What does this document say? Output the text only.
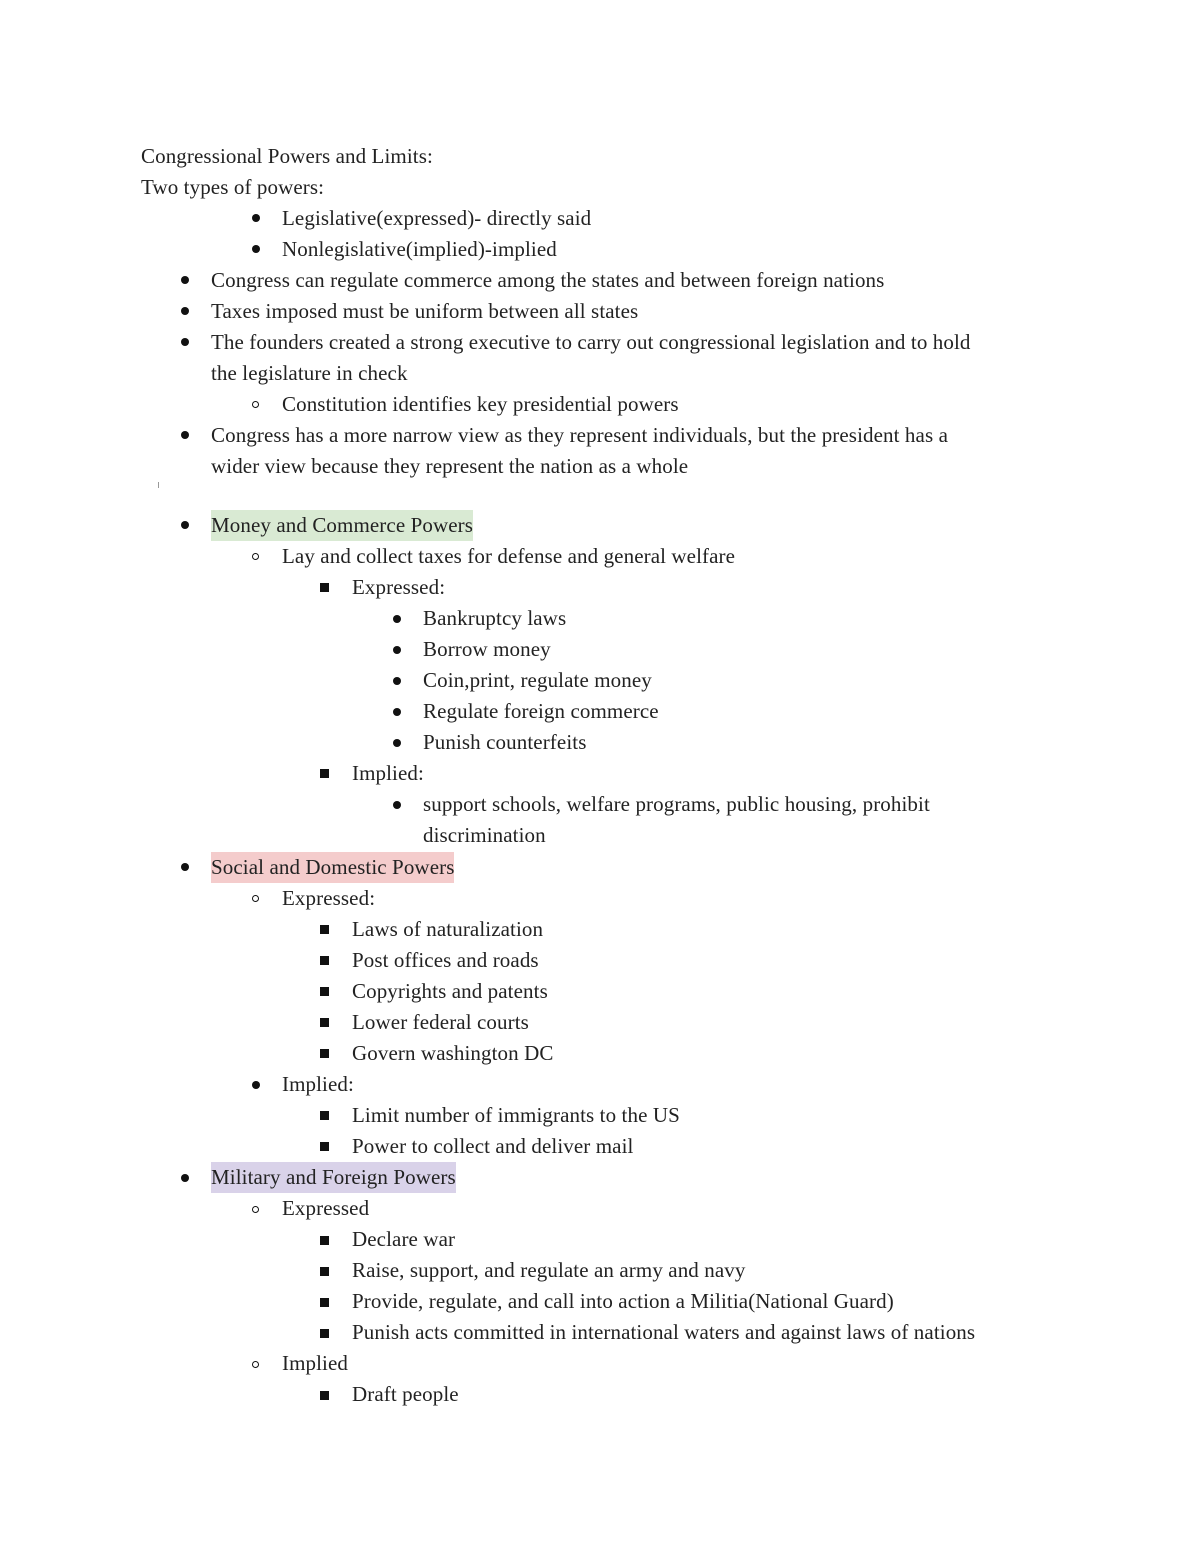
Congressional Powers and Limits:
Two types of powers:
Legislative(expressed)- directly said
Nonlegislative(implied)-implied
Congress can regulate commerce among the states and between foreign nations
Taxes imposed must be uniform between all states
The founders created a strong executive to carry out congressional legislation and to hold
the legislature in check
Constitution identifies key presidential powers
Congress has a more narrow view as they represent individuals, but the president has a
wider view because they represent the nation as a whole
Money and Commerce Powers
Lay and collect taxes for defense and general welfare
Expressed:
Bankruptcy laws
Borrow money
Coin,print, regulate money
Regulate foreign commerce
Punish counterfeits
Implied:
support schools, welfare programs, public housing, prohibit
discrimination
Social and Domestic Powers
Expressed:
Laws of naturalization
Post offices and roads
Copyrights and patents
Lower federal courts
Govern washington DC
Implied:
Limit number of immigrants to the US
Power to collect and deliver mail
Military and Foreign Powers
Expressed
Declare war
Raise, support, and regulate an army and navy
Provide, regulate, and call into action a Militia(National Guard)
Punish acts committed in international waters and against laws of nations
Implied
Draft people
